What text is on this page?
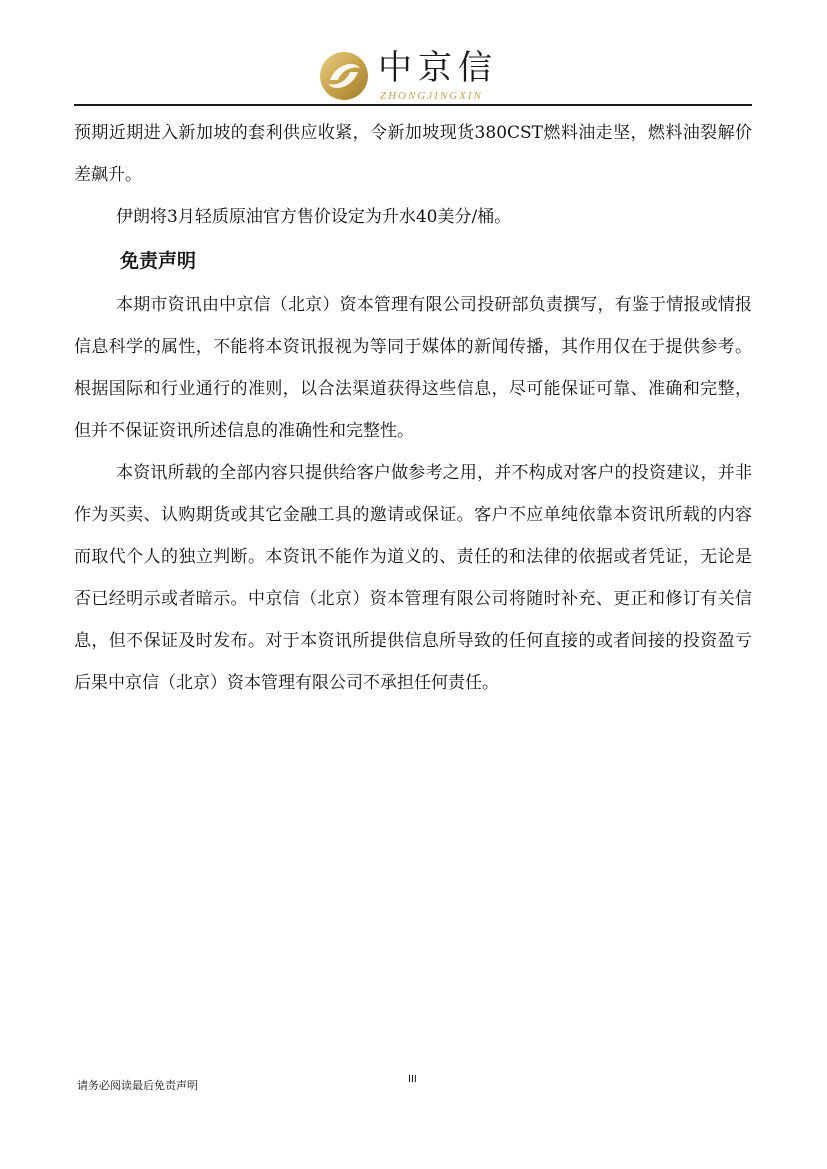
中京信
ZHONGJINGXIN

预期近期进入新加坡的套利供应收紧，令新加坡现货380CST燃料油走坚，燃料油裂解价差飙升。

伊朗将3月轻质原油官方售价设定为升水40美分/桶。

免责声明

本期市资讯由中京信（北京）资本管理有限公司投研部负责撰写，有鉴于情报或情报信息科学的属性，不能将本资讯报视为等同于媒体的新闻传播，其作用仅在于提供参考。根据国际和行业通行的准则，以合法渠道获得这些信息，尽可能保证可靠、准确和完整，但并不保证资讯所述信息的准确性和完整性。

本资讯所载的全部内容只提供给客户做参考之用，并不构成对客户的投资建议，并非作为买卖、认购期货或其它金融工具的邀请或保证。客户不应单纯依靠本资讯所载的内容而取代个人的独立判断。本资讯不能作为道义的、责任的和法律的依据或者凭证，无论是否已经明示或者暗示。中京信（北京）资本管理有限公司将随时补充、更正和修订有关信息，但不保证及时发布。对于本资讯所提供信息所导致的任何直接的或者间接的投资盈亏后果中京信（北京）资本管理有限公司不承担任何责任。

请务必阅读最后免责声明	III
